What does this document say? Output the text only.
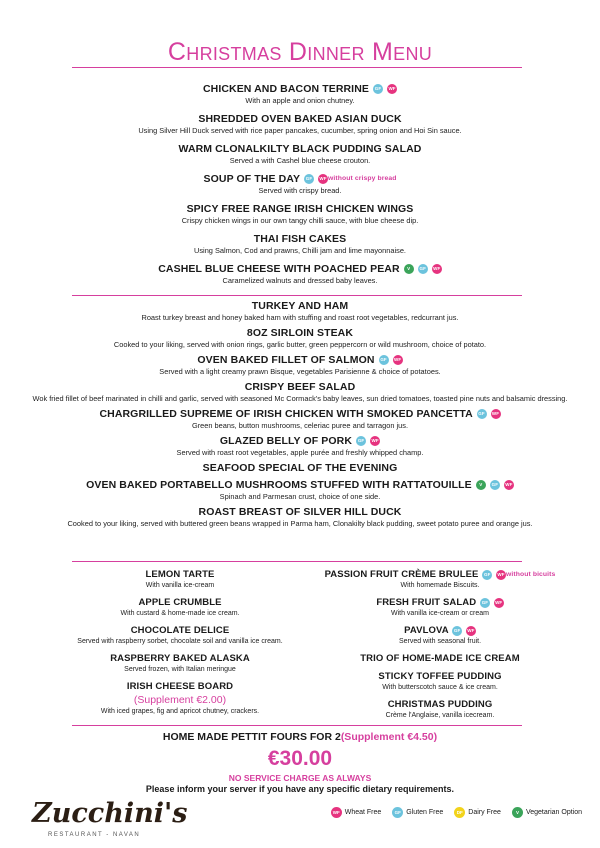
Christmas Dinner Menu
CHICKEN AND BACON TERRINE GF WF
With an apple and onion chutney.
SHREDDED OVEN BAKED ASIAN DUCK
Using Silver Hill Duck served with rice paper pancakes, cucumber, spring onion and Hoi Sin sauce.
WARM CLONALKILTY BLACK PUDDING SALAD
Served a with Cashel blue cheese crouton.
SOUP OF THE DAY GF WFwithout crispy bread
Served with crispy bread.
SPICY FREE RANGE IRISH CHICKEN WINGS
Crispy chicken wings in our own tangy chilli sauce, with blue cheese dip.
THAI FISH CAKES
Using Salmon, Cod and prawns, Chilli jam and lime mayonnaise.
CASHEL BLUE CHEESE WITH POACHED PEAR V GF WF
Caramelized walnuts and dressed baby leaves.
TURKEY AND HAM
Roast turkey breast and honey baked ham with stuffing and roast root vegetables, redcurrant jus.
8OZ SIRLOIN STEAK
Cooked to your liking, served with onion rings, garlic butter, green peppercorn or wild mushroom, choice of potato.
OVEN BAKED FILLET OF SALMON GF WF
Served with a light creamy prawn Bisque, vegetables Parisienne & choice of potatoes.
CRISPY BEEF SALAD
Wok fried fillet of beef marinated in chilli and garlic, served with seasoned Mc Cormack's baby leaves, sun dried tomatoes, toasted pine nuts and balsamic dressing.
CHARGRILLED SUPREME OF IRISH CHICKEN WITH SMOKED PANCETTA GF WF
Green beans, button mushrooms, celeriac puree and tarragon jus.
GLAZED BELLY OF PORK GF WF
Served with roast root vegetables, apple purée and freshly whipped champ.
SEAFOOD SPECIAL OF THE EVENING
OVEN BAKED PORTABELLO MUSHROOMS STUFFED WITH RATTATOUILLE V GF WF
Spinach and Parmesan crust, choice of one side.
ROAST BREAST OF SILVER HILL DUCK
Cooked to your liking, served with buttered green beans wrapped in Parma ham, Clonakilty black pudding, sweet potato puree and orange jus.
LEMON TARTE
With vanilla ice-cream
APPLE CRUMBLE
With custard & home-made ice cream.
CHOCOLATE DELICE
Served with raspberry sorbet, chocolate soil and vanilla ice cream.
RASPBERRY BAKED ALASKA
Served frozen, with Italian meringue
IRISH CHEESE BOARD
(Supplement €2.00)
With iced grapes, fig and apricot chutney, crackers.
PASSION FRUIT CRÈME BRULEE GF WFwithout bicuits
With homemade Biscuits.
FRESH FRUIT SALAD GF WF
With vanilla ice-cream or cream
PAVLOVA GF WF
Served with seasonal fruit.
TRIO OF HOME-MADE ICE CREAM
STICKY TOFFEE PUDDING
With butterscotch sauce & ice cream.
CHRISTMAS PUDDING
Crème l'Anglaise, vanilla icecream.
HOME MADE PETTIT FOURS FOR 2(Supplement €4.50)
€30.00
NO SERVICE CHARGE AS ALWAYS
Please inform your server if you have any specific dietary requirements.
Zucchini's
RESTAURANT - NAVAN
WF Wheat Free	GF Gluten Free	DF Dairy Free	V Vegetarian Option
